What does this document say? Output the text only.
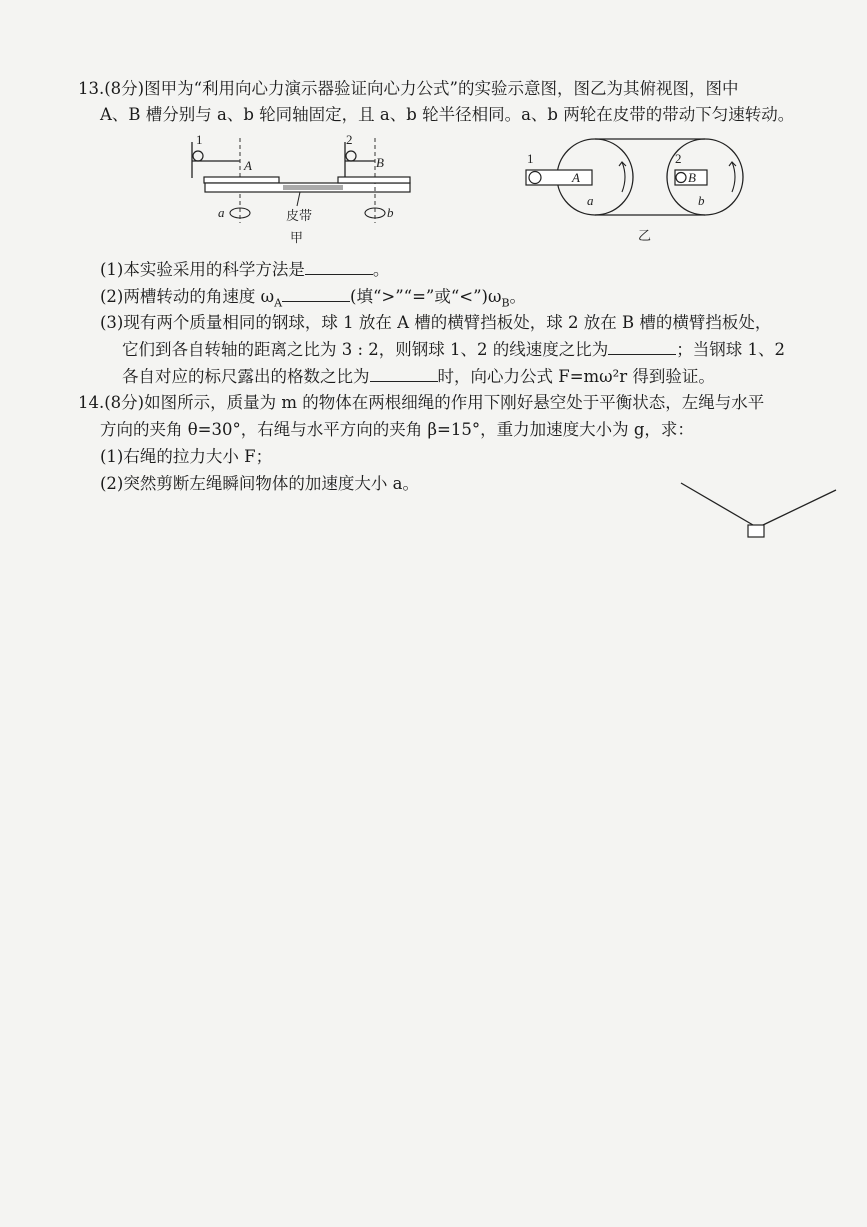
13.(8分)图甲为“利用向心力演示器验证向心力公式”的实验示意图，图乙为其俯视图，图中
A、B 槽分别与 a、b 轮同轴固定，且 a、b 轮半径相同。a、b 两轮在皮带的带动下匀速转动。
1	2
A	B
a	b
皮带
甲
1	2
A	B
a	b
乙
(1)本实验采用的科学方法是	。
(2)两槽转动的角速度 $\omega_A$	(填“>”“=”或“$<”)\omega_B$。
(3)现有两个质量相同的钢球，球 1 放在 A 槽的横臂挡板处，球 2 放在 B 槽的横臂挡板处，
它们到各自转轴的距离之比为 3 : 2，则钢球 1、2 的线速度之比为	；当钢球 1、2
各自对应的标尺露出的格数之比为	时，向心力公式 F=mω²r 得到验证。
14.(8分)如图所示，质量为 m 的物体在两根细绳的作用下刚好悬空处于平衡状态，左绳与水平
方向的夹角 θ=30°，右绳与水平方向的夹角 β=15°，重力加速度大小为 g，求：
(1)右绳的拉力大小 F；
(2)突然剪断左绳瞬间物体的加速度大小 a。
